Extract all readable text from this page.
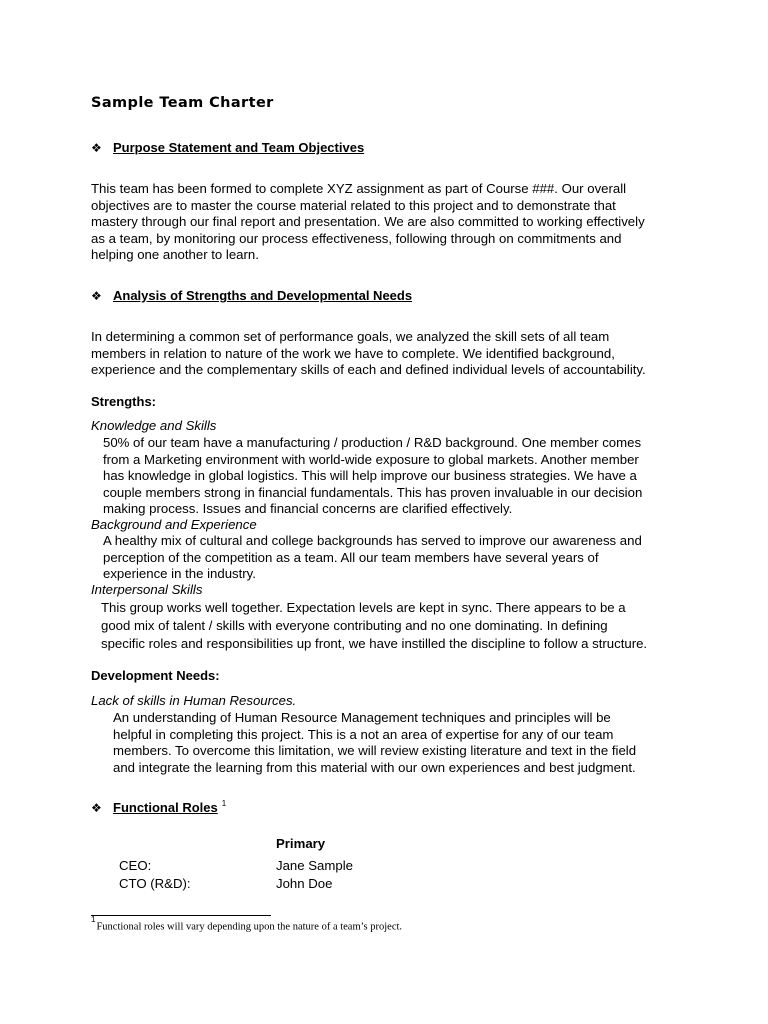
Sample Team Charter
❖ Purpose Statement and Team Objectives
This team has been formed to complete XYZ assignment as part of Course ###. Our overall
objectives are to master the course material related to this project and to demonstrate that
mastery through our final report and presentation. We are also committed to working effectively
as a team, by monitoring our process effectiveness, following through on commitments and
helping one another to learn.
❖ Analysis of Strengths and Developmental Needs
In determining a common set of performance goals, we analyzed the skill sets of all team
members in relation to nature of the work we have to complete. We identified background,
experience and the complementary skills of each and defined individual levels of accountability.
Strengths:
Knowledge and Skills
50% of our team have a manufacturing / production / R&D background. One member comes
from a Marketing environment with world-wide exposure to global markets. Another member
has knowledge in global logistics. This will help improve our business strategies. We have a
couple members strong in financial fundamentals. This has proven invaluable in our decision
making process. Issues and financial concerns are clarified effectively.
Background and Experience
A healthy mix of cultural and college backgrounds has served to improve our awareness and
perception of the competition as a team. All our team members have several years of
experience in the industry.
Interpersonal Skills
This group works well together. Expectation levels are kept in sync. There appears to be a
good mix of talent / skills with everyone contributing and no one dominating. In defining
specific roles and responsibilities up front, we have instilled the discipline to follow a structure.
Development Needs:
Lack of skills in Human Resources.
An understanding of Human Resource Management techniques and principles will be
helpful in completing this project. This is a not an area of expertise for any of our team
members. To overcome this limitation, we will review existing literature and text in the field
and integrate the learning from this material with our own experiences and best judgment.
❖ Functional Roles $^1$
Primary
CEO:	Jane Sample
CTO (R&D):	John Doe
$^1$Functional roles will vary depending upon the nature of a team’s project.
